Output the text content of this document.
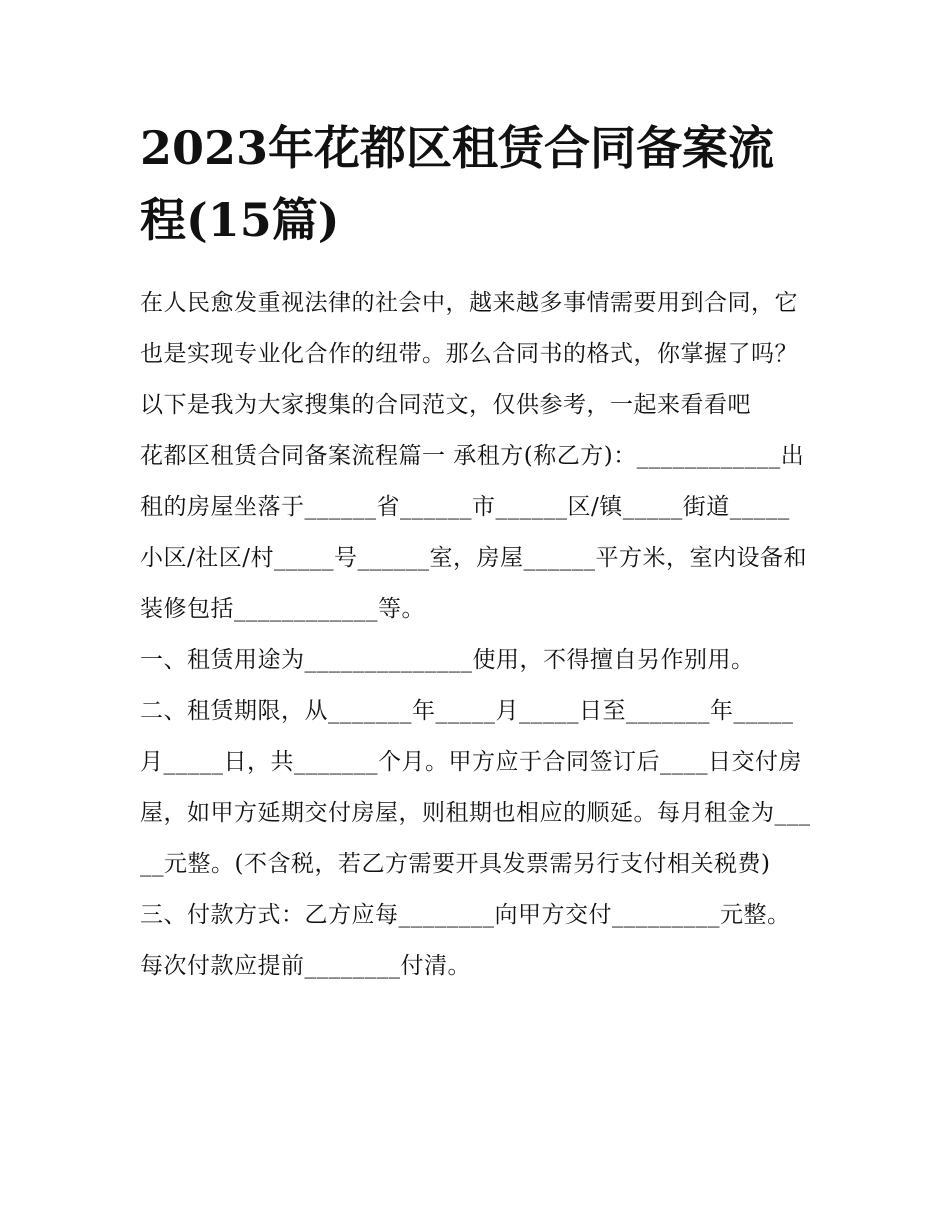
2023年花都区租赁合同备案流程(15篇)

在人民愈发重视法律的社会中，越来越多事情需要用到合同，它也是实现专业化合作的纽带。那么合同书的格式，你掌握了吗？以下是我为大家搜集的合同范文，仅供参考，一起来看看吧

花都区租赁合同备案流程篇一 承租方(称乙方)：____________出租的房屋坐落于______省______市______区/镇_____街道_____小区/社区/村_____号______室，房屋______平方米，室内设备和装修包括____________等。

一、租赁用途为______________使用，不得擅自另作别用。

二、租赁期限，从_______年_____月_____日至_______年_____月_____日，共_______个月。甲方应于合同签订后____日交付房屋，如甲方延期交付房屋，则租期也相应的顺延。每月租金为_____元整。(不含税，若乙方需要开具发票需另行支付相关税费)

三、付款方式：乙方应每________向甲方交付_________元整。每次付款应提前________付清。
